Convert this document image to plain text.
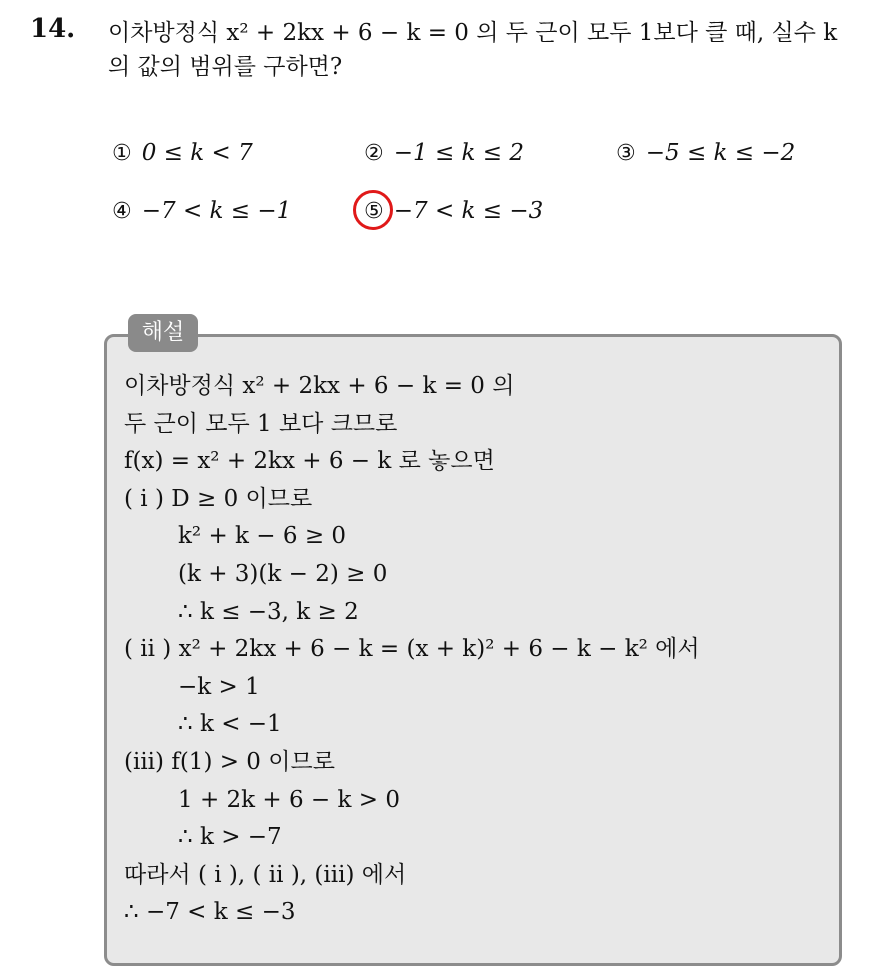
14. 이차방정식 x² + 2kx + 6 − k = 0 의 두 근이 모두 1보다 클 때, 실수 k
의 값의 범위를 구하면?
① 0 ≤ k < 7	② −1 ≤ k ≤ 2	③ −5 ≤ k ≤ −2
④ −7 < k ≤ −1	⑤ −7 < k ≤ −3
해설
이차방정식 x² + 2kx + 6 − k = 0 의
두 근이 모두 1 보다 크므로
f(x) = x² + 2kx + 6 − k 로 놓으면
( i ) D ≥ 0 이므로
k² + k − 6 ≥ 0
(k + 3)(k − 2) ≥ 0
∴ k ≤ −3, k ≥ 2
( ii ) x² + 2kx + 6 − k = (x + k)² + 6 − k − k² 에서
−k > 1
∴ k < −1
(iii) f(1) > 0 이므로
1 + 2k + 6 − k > 0
∴ k > −7
따라서 ( i ), ( ii ), (iii) 에서
∴ −7 < k ≤ −3
